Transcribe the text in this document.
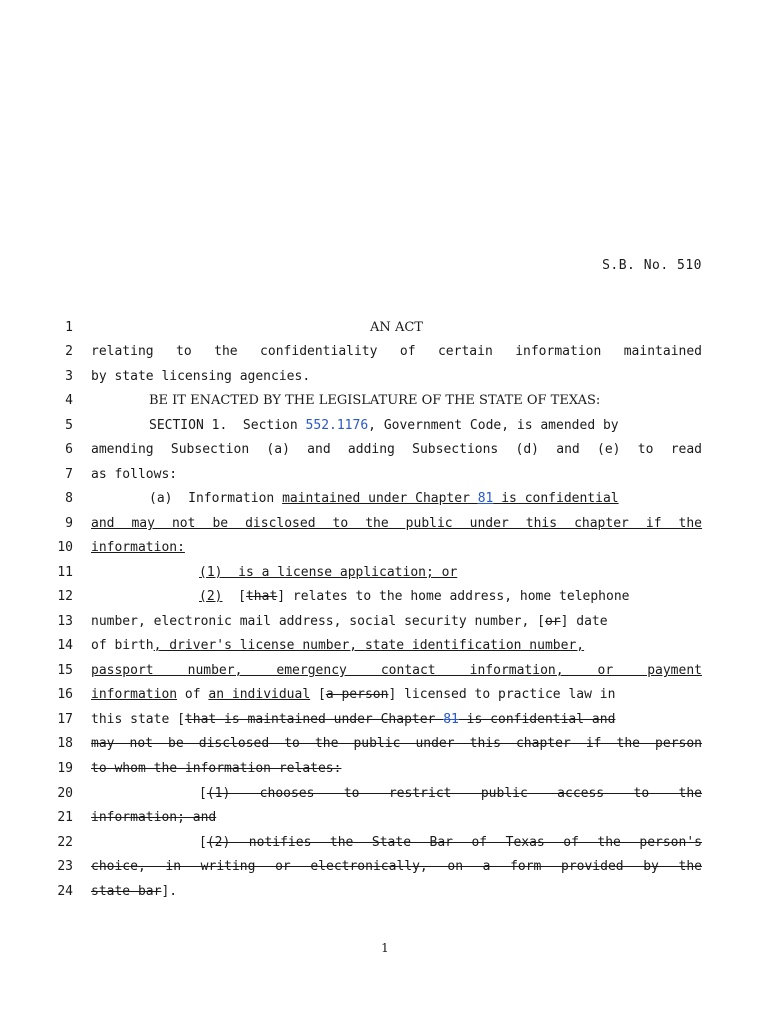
S.B. No. 510
1
2
3
4
5
6
7
8
9
10
11
12
13
14
15
16
17
18
19
20
21
22
23
24
AN ACT
relating to the confidentiality of certain information maintained
by state licensing agencies.
BE IT ENACTED BY THE LEGISLATURE OF THE STATE OF TEXAS:
SECTION 1.  Section 552.1176, Government Code, is amended by
amending Subsection (a) and adding Subsections (d) and (e) to read
as follows:
(a)  Information maintained under Chapter 81 is confidential
and may not be disclosed to the public under this chapter if the
information:
(1)  is a license application; or
(2)  [that] relates to the home address, home telephone
number, electronic mail address, social security number, [or] date
of birth, driver's license number, state identification number,
passport number, emergency contact information, or payment
information of an individual [a person] licensed to practice law in
this state [that is maintained under Chapter 81 is confidential and
may not be disclosed to the public under this chapter if the person
to whom the information relates:
[(1) chooses to restrict public access to the
information; and
[(2) notifies the State Bar of Texas of the person's
choice, in writing or electronically, on a form provided by the
state bar].
1
